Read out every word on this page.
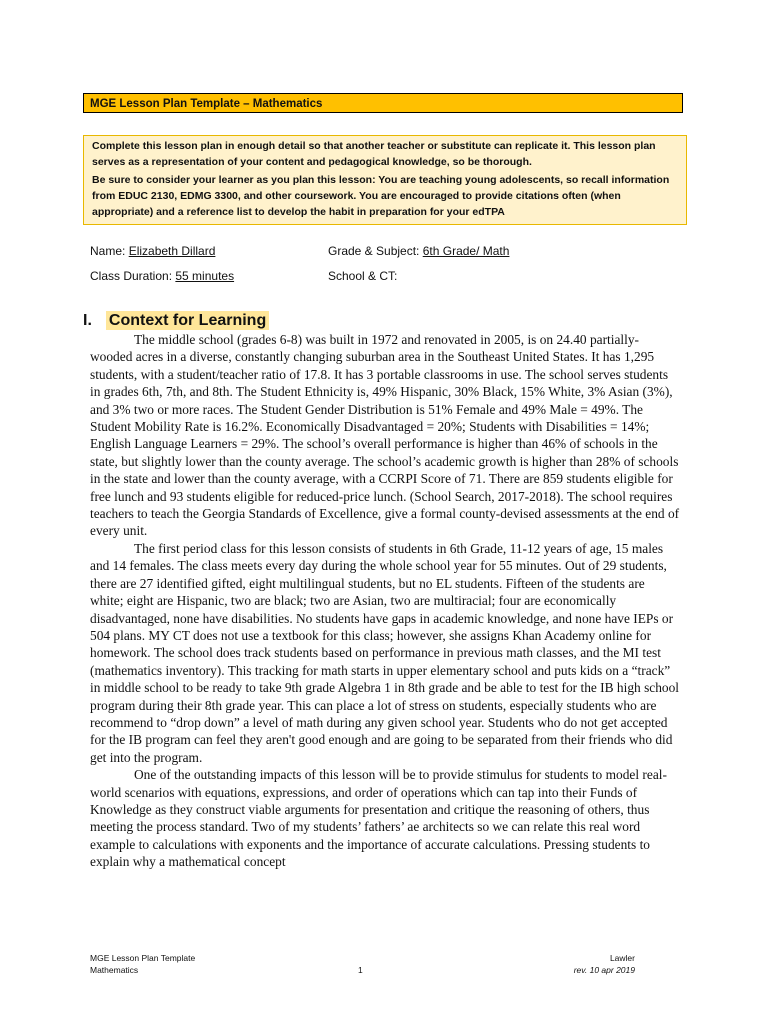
MGE Lesson Plan Template – Mathematics

Complete this lesson plan in enough detail so that another teacher or substitute can replicate it. This lesson plan serves as a representation of your content and pedagogical knowledge, so be thorough.

Be sure to consider your learner as you plan this lesson: You are teaching young adolescents, so recall information from EDUC 2130, EDMG 3300, and other coursework. You are encouraged to provide citations often (when appropriate) and a reference list to develop the habit in preparation for your edTPA

Name: Elizabeth Dillard	Grade & Subject: 6th Grade/ Math
Class Duration: 55 minutes	School & CT:
I. Context for Learning

The middle school (grades 6-8) was built in 1972 and renovated in 2005, is on 24.40 partially-wooded acres in a diverse, constantly changing suburban area in the Southeast United States. It has 1,295 students, with a student/teacher ratio of 17.8. It has 3 portable classrooms in use. The school serves students in grades 6th, 7th, and 8th. The Student Ethnicity is, 49% Hispanic, 30% Black, 15% White, 3% Asian (3%), and 3% two or more races. The Student Gender Distribution is 51% Female and 49% Male = 49%. The Student Mobility Rate is 16.2%. Economically Disadvantaged = 20%; Students with Disabilities = 14%; English Language Learners = 29%. The school’s overall performance is higher than 46% of schools in the state, but slightly lower than the county average. The school’s academic growth is higher than 28% of schools in the state and lower than the county average, with a CCRPI Score of 71. There are 859 students eligible for free lunch and 93 students eligible for reduced-price lunch. (School Search, 2017-2018). The school requires teachers to teach the Georgia Standards of Excellence, give a formal county-devised assessments at the end of every unit.

The first period class for this lesson consists of students in 6th Grade, 11-12 years of age, 15 males and 14 females. The class meets every day during the whole school year for 55 minutes. Out of 29 students, there are 27 identified gifted, eight multilingual students, but no EL students. Fifteen of the students are white; eight are Hispanic, two are black; two are Asian, two are multiracial; four are economically disadvantaged, none have disabilities. No students have gaps in academic knowledge, and none have IEPs or 504 plans. MY CT does not use a textbook for this class; however, she assigns Khan Academy online for homework. The school does track students based on performance in previous math classes, and the MI test (mathematics inventory). This tracking for math starts in upper elementary school and puts kids on a “track” in middle school to be ready to take 9th grade Algebra 1 in 8th grade and be able to test for the IB high school program during their 8th grade year. This can place a lot of stress on students, especially students who are recommend to “drop down” a level of math during any given school year. Students who do not get accepted for the IB program can feel they aren't good enough and are going to be separated from their friends who did get into the program.

One of the outstanding impacts of this lesson will be to provide stimulus for students to model real-world scenarios with equations, expressions, and order of operations which can tap into their Funds of Knowledge as they construct viable arguments for presentation and critique the reasoning of others, thus meeting the process standard. Two of my students’ fathers’ ae architects so we can relate this real word example to calculations with exponents and the importance of accurate calculations. Pressing students to explain why a mathematical concept

MGE Lesson Plan Template
Mathematics	1
Lawler
rev. 10 apr 2019
